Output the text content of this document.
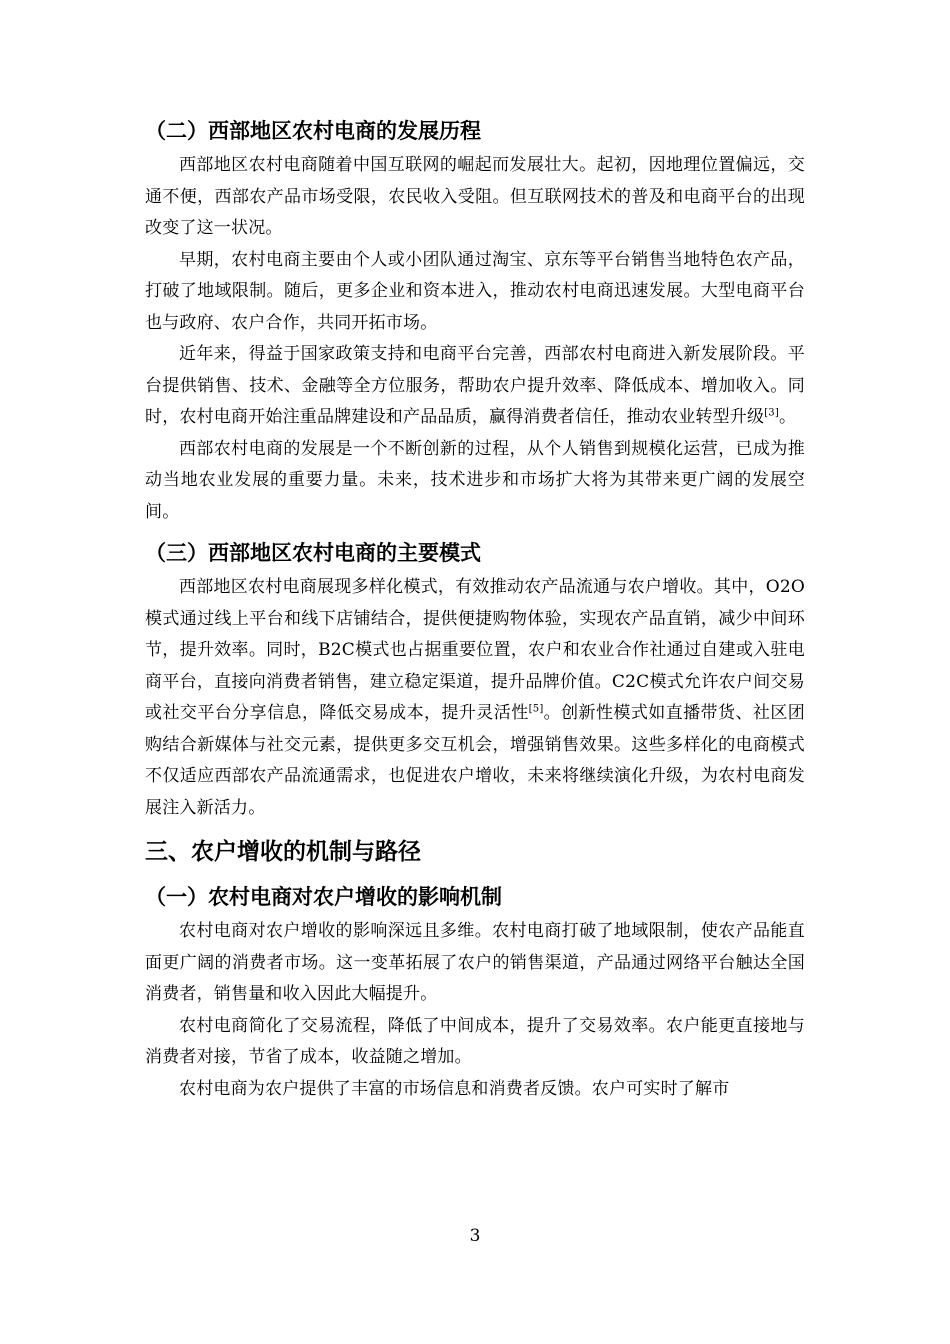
（二）西部地区农村电商的发展历程

西部地区农村电商随着中国互联网的崛起而发展壮大。起初，因地理位置偏远，交通不便，西部农产品市场受限，农民收入受阻。但互联网技术的普及和电商平台的出现改变了这一状况。

早期，农村电商主要由个人或小团队通过淘宝、京东等平台销售当地特色农产品，打破了地域限制。随后，更多企业和资本进入，推动农村电商迅速发展。大型电商平台也与政府、农户合作，共同开拓市场。

近年来，得益于国家政策支持和电商平台完善，西部农村电商进入新发展阶段。平台提供销售、技术、金融等全方位服务，帮助农户提升效率、降低成本、增加收入。同时，农村电商开始注重品牌建设和产品品质，赢得消费者信任，推动农业转型升级[3]。

西部农村电商的发展是一个不断创新的过程，从个人销售到规模化运营，已成为推动当地农业发展的重要力量。未来，技术进步和市场扩大将为其带来更广阔的发展空间。

（三）西部地区农村电商的主要模式

西部地区农村电商展现多样化模式，有效推动农产品流通与农户增收。其中，O2O模式通过线上平台和线下店铺结合，提供便捷购物体验，实现农产品直销，减少中间环节，提升效率。同时，B2C模式也占据重要位置，农户和农业合作社通过自建或入驻电商平台，直接向消费者销售，建立稳定渠道，提升品牌价值。C2C模式允许农户间交易或社交平台分享信息，降低交易成本，提升灵活性[5]。创新性模式如直播带货、社区团购结合新媒体与社交元素，提供更多交互机会，增强销售效果。这些多样化的电商模式不仅适应西部农产品流通需求，也促进农户增收，未来将继续演化升级，为农村电商发展注入新活力。

三、农户增收的机制与路径
（一）农村电商对农户增收的影响机制

农村电商对农户增收的影响深远且多维。农村电商打破了地域限制，使农产品能直面更广阔的消费者市场。这一变革拓展了农户的销售渠道，产品通过网络平台触达全国消费者，销售量和收入因此大幅提升。

农村电商简化了交易流程，降低了中间成本，提升了交易效率。农户能更直接地与消费者对接，节省了成本，收益随之增加。

农村电商为农户提供了丰富的市场信息和消费者反馈。农户可实时了解市

3
